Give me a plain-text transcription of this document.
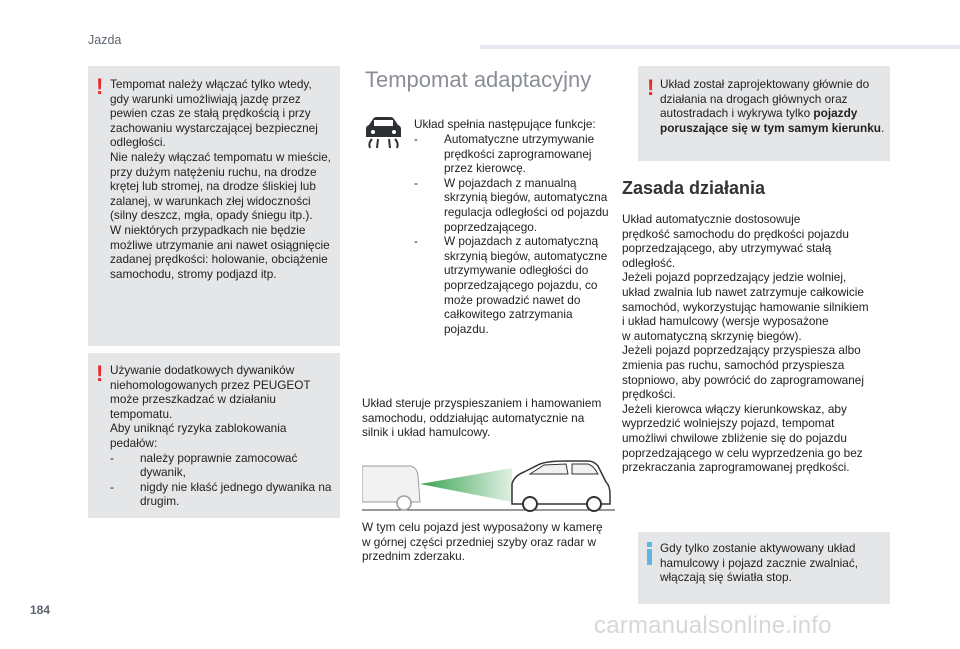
Jazda
! Tempomat należy włączać tylko wtedy,
gdy warunki umożliwiają jazdę przez
pewien czas ze stałą prędkością i przy
zachowaniu wystarczającej bezpiecznej
odległości.
Nie należy włączać tempomatu w mieście,
przy dużym natężeniu ruchu, na drodze
krętej lub stromej, na drodze śliskiej lub
zalanej, w warunkach złej widoczności
(silny deszcz, mgła, opady śniegu itp.).
W niektórych przypadkach nie będzie
możliwe utrzymanie ani nawet osiągnięcie
zadanej prędkości: holowanie, obciążenie
samochodu, stromy podjazd itp.
! Używanie dodatkowych dywaników
niehomologowanych przez PEUGEOT
może przeszkadzać w działaniu
tempomatu.
Aby uniknąć ryzyka zablokowania
pedałów:
- należy poprawnie zamocować dywanik,
- nigdy nie kłaść jednego dywanika na drugim.
Tempomat adaptacyjny
Układ spełnia następujące funkcje:
- Automatyczne utrzymywanie prędkości zaprogramowanej przez kierowcę.
- W pojazdach z manualną skrzynią biegów, automatyczna regulacja odległości od pojazdu poprzedzającego.
- W pojazdach z automatyczną skrzynią biegów, automatyczne utrzymywanie odległości do poprzedzającego pojazdu, co może prowadzić nawet do całkowitego zatrzymania pojazdu.
Układ steruje przyspieszaniem i hamowaniem samochodu, oddziałując automatycznie na silnik i układ hamulcowy.
W tym celu pojazd jest wyposażony w kamerę w górnej części przedniej szyby oraz radar w przednim zderzaku.
! Układ został zaprojektowany głównie do działania na drogach głównych oraz autostradach i wykrywa tylko pojazdy poruszające się w tym samym kierunku.
Zasada działania
Układ automatycznie dostosowuje
prędkość samochodu do prędkości pojazdu
poprzedzającego, aby utrzymywać stałą
odległość.
Jeżeli pojazd poprzedzający jedzie wolniej,
układ zwalnia lub nawet zatrzymuje całkowicie
samochód, wykorzystując hamowanie silnikiem
i układ hamulcowy (wersje wyposażone
w automatyczną skrzynię biegów).
Jeżeli pojazd poprzedzający przyspiesza albo
zmienia pas ruchu, samochód przyspiesza
stopniowo, aby powrócić do zaprogramowanej
prędkości.
Jeżeli kierowca włączy kierunkowskaz, aby
wyprzedzić wolniejszy pojazd, tempomat
umożliwi chwilowe zbliżenie się do pojazdu
poprzedzającego w celu wyprzedzenia go bez
przekraczania zaprogramowanej prędkości.
Gdy tylko zostanie aktywowany układ
hamulcowy i pojazd zacznie zwalniać,
włączają się światła stop.
184
carmanualsonline.info
